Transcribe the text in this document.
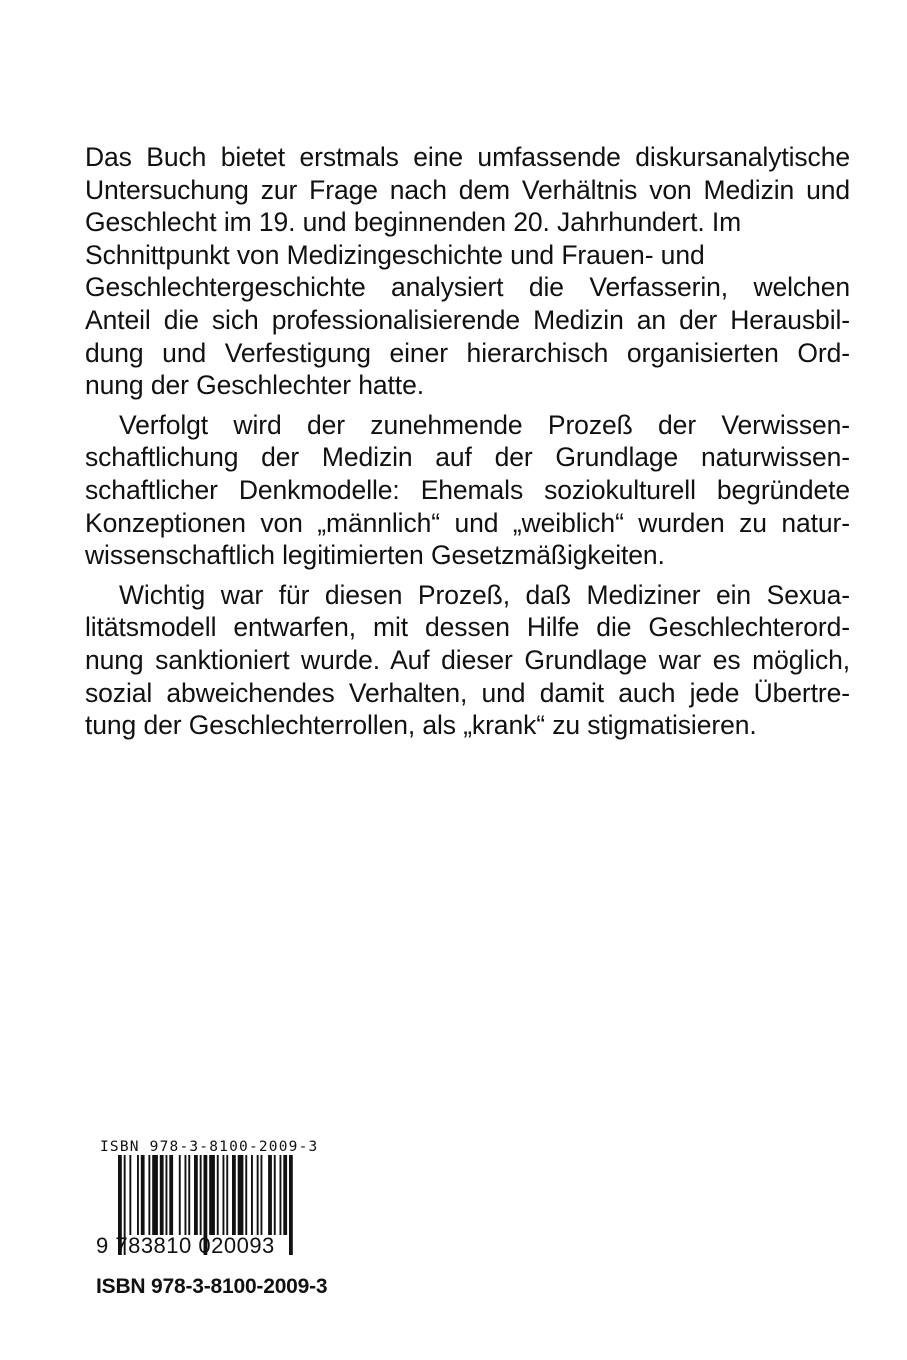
Das Buch bietet erstmals eine umfassende diskursanalytische
Untersuchung zur Frage nach dem Verhältnis von Medizin und
Geschlecht im 19. und beginnenden 20. Jahrhundert. Im
Schnittpunkt von Medizingeschichte und Frauen- und
Geschlechtergeschichte analysiert die Verfasserin, welchen
Anteil die sich professionalisierende Medizin an der Herausbil-
dung und Verfestigung einer hierarchisch organisierten Ord-
nung der Geschlechter hatte.
Verfolgt wird der zunehmende Prozeß der Verwissen-
schaftlichung der Medizin auf der Grundlage naturwissen-
schaftlicher Denkmodelle: Ehemals soziokulturell begründete
Konzeptionen von „männlich“ und „weiblich“ wurden zu natur-
wissenschaftlich legitimierten Gesetzmäßigkeiten.
Wichtig war für diesen Prozeß, daß Mediziner ein Sexua-
litätsmodell entwarfen, mit dessen Hilfe die Geschlechterord-
nung sanktioniert wurde. Auf dieser Grundlage war es möglich,
sozial abweichendes Verhalten, und damit auch jede Übertre-
tung der Geschlechterrollen, als „krank“ zu stigmatisieren.
ISBN 978-3-8100-2009-3
9 783810 020093
ISBN 978-3-8100-2009-3
